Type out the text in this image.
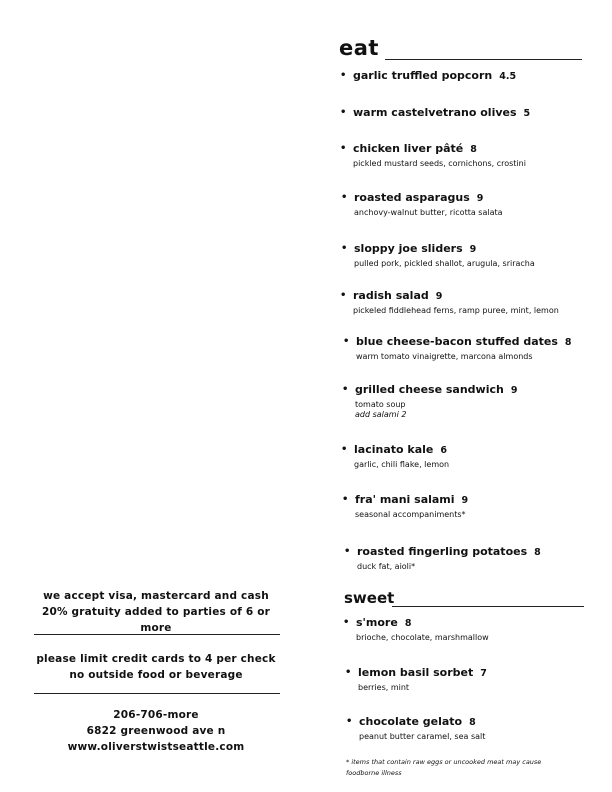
we accept visa, mastercard and cash
20% gratuity added to parties of 6 or more
please limit credit cards to 4 per check
no outside food or beverage
206-706-more
6822 greenwood ave n
www.oliverstwistseattle.com
eat
• garlic truffled popcorn 4.5
• warm castelvetrano olives 5
• chicken liver pâté 8
pickled mustard seeds, cornichons, crostini
• roasted asparagus 9
anchovy-walnut butter, ricotta salata
• sloppy joe sliders 9
pulled pork, pickled shallot, arugula, sriracha
• radish salad 9
pickeled fiddlehead ferns, ramp puree, mint, lemon
• blue cheese-bacon stuffed dates 8
warm tomato vinaigrette, marcona almonds
• grilled cheese sandwich 9
tomato soup
add salami 2
• lacinato kale 6
garlic, chili flake, lemon
• fra' mani salami 9
seasonal accompaniments*
• roasted fingerling potatoes 8
duck fat, aioli*
sweet
• s'more 8
brioche, chocolate, marshmallow
• lemon basil sorbet 7
berries, mint
• chocolate gelato 8
peanut butter caramel, sea salt
* items that contain raw eggs or uncooked meat may cause foodborne illness
